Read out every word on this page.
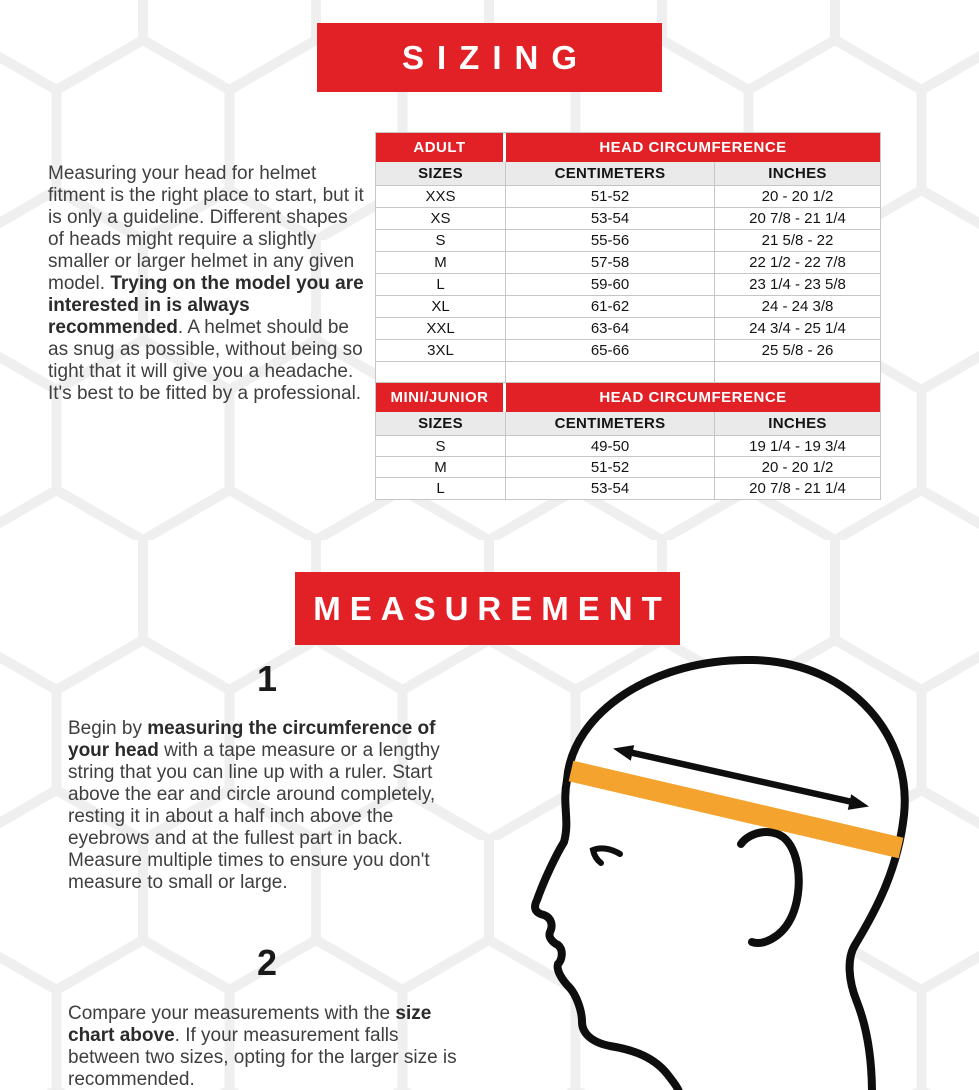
SIZING

Measuring your head for helmet fitment is the right place to start, but it is only a guideline. Different shapes of heads might require a slightly smaller or larger helmet in any given model. Trying on the model you are interested in is always recommended. A helmet should be as snug as possible, without being so tight that it will give you a headache. It's best to be fitted by a professional.

ADULT	HEAD CIRCUMFERENCE
SIZES	CENTIMETERS	INCHES
XXS	51-52	20 - 20 1/2
XS	53-54	20 7/8 - 21 1/4
S	55-56	21 5/8 - 22
M	57-58	22 1/2 - 22 7/8
L	59-60	23 1/4 - 23 5/8
XL	61-62	24 - 24 3/8
XXL	63-64	24 3/4 - 25 1/4
3XL	65-66	25 5/8 - 26
MINI/JUNIOR	HEAD CIRCUMFERENCE
SIZES	CENTIMETERS	INCHES
S	49-50	19 1/4 - 19 3/4
M	51-52	20 - 20 1/2
L	53-54	20 7/8 - 21 1/4
MEASUREMENT
1

Begin by measuring the circumference of your head with a tape measure or a lengthy string that you can line up with a ruler. Start above the ear and circle around completely, resting it in about a half inch above the eyebrows and at the fullest part in back. Measure multiple times to ensure you don't measure to small or large.

2

Compare your measurements with the size chart above. If your measurement falls between two sizes, opting for the larger size is recommended.
